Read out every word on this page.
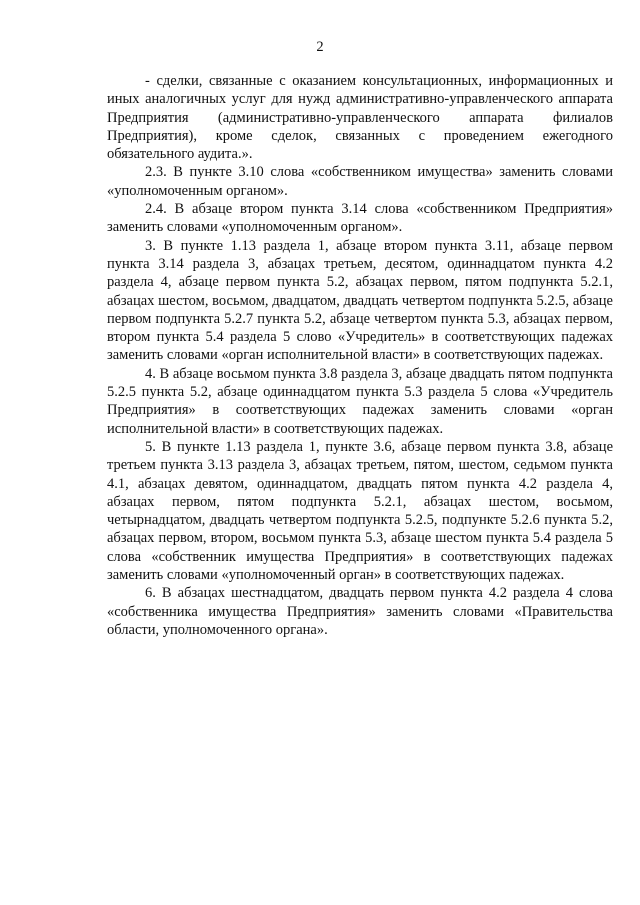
2

- сделки, связанные с оказанием консультационных, информационных и иных аналогичных услуг для нужд административно-управленческого аппарата Предприятия (административно-управленческого аппарата филиалов Предприятия), кроме сделок, связанных с проведением ежегодного обязательного аудита.».

2.3. В пункте 3.10 слова «собственником имущества» заменить словами «уполномоченным органом».

2.4. В абзаце втором пункта 3.14 слова «собственником Предприятия» заменить словами «уполномоченным органом».

3. В пункте 1.13 раздела 1, абзаце втором пункта 3.11, абзаце первом пункта 3.14 раздела 3, абзацах третьем, десятом, одиннадцатом пункта 4.2 раздела 4, абзаце первом пункта 5.2, абзацах первом, пятом подпункта 5.2.1, абзацах шестом, восьмом, двадцатом, двадцать четвертом подпункта 5.2.5, абзаце первом подпункта 5.2.7 пункта 5.2, абзаце четвертом пункта 5.3, абзацах первом, втором пункта 5.4 раздела 5 слово «Учредитель» в соответствующих падежах заменить словами «орган исполнительной власти» в соответствующих падежах.

4. В абзаце восьмом пункта 3.8 раздела 3, абзаце двадцать пятом подпункта 5.2.5 пункта 5.2, абзаце одиннадцатом пункта 5.3 раздела 5 слова «Учредитель Предприятия» в соответствующих падежах заменить словами «орган исполнительной власти» в соответствующих падежах.

5. В пункте 1.13 раздела 1, пункте 3.6, абзаце первом пункта 3.8, абзаце третьем пункта 3.13 раздела 3, абзацах третьем, пятом, шестом, седьмом пункта 4.1, абзацах девятом, одиннадцатом, двадцать пятом пункта 4.2 раздела 4, абзацах первом, пятом подпункта 5.2.1, абзацах шестом, восьмом, четырнадцатом, двадцать четвертом подпункта 5.2.5, подпункте 5.2.6 пункта 5.2, абзацах первом, втором, восьмом пункта 5.3, абзаце шестом пункта 5.4 раздела 5 слова «собственник имущества Предприятия» в соответствующих падежах заменить словами «уполномоченный орган» в соответствующих падежах.

6. В абзацах шестнадцатом, двадцать первом пункта 4.2 раздела 4 слова «собственника имущества Предприятия» заменить словами «Правительства области, уполномоченного органа».
